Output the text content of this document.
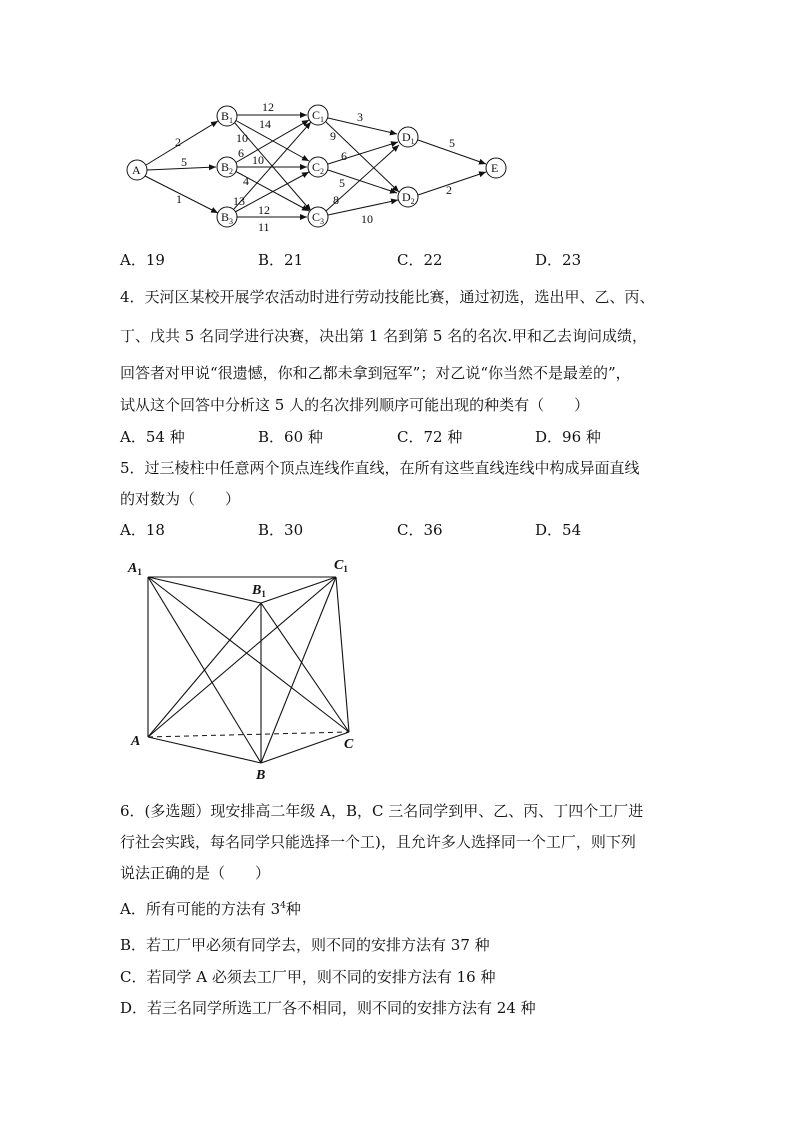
A
$B_1$
$B_2$
$B_3$
$C_1$
$C_2$
$C_3$
$D_1$
$D_2$
E
2
5
1
12
14
10
6 10
4
13
12
11
3
9
6
5
8
10
5
2
A．19	B．21	C．22	D．23
4．天河区某校开展学农活动时进行劳动技能比赛，通过初选，选出甲、乙、丙、
丁、戊共 5 名同学进行决赛，决出第 1 名到第 5 名的名次.甲和乙去询问成绩，
回答者对甲说“很遗憾，你和乙都未拿到冠军”；对乙说“你当然不是最差的”，
试从这个回答中分析这 5 人的名次排列顺序可能出现的种类有（　　）
A．54 种	B．60 种	C．72 种	D．96 种
5．过三棱柱中任意两个顶点连线作直线，在所有这些直线连线中构成异面直线
的对数为（　　）
A．18	B．30	C．36	D．54
$A_1$	$C_1$
$B_1$
A	C
B
6．(多选题）现安排高二年级 A，B，C 三名同学到甲、乙、丙、丁四个工厂进
行社会实践，每名同学只能选择一个工)，且允许多人选择同一个工厂，则下列
说法正确的是（　　）
A．所有可能的方法有 $3^4$种
B．若工厂甲必须有同学去，则不同的安排方法有 37 种
C．若同学 A 必须去工厂甲，则不同的安排方法有 16 种
D．若三名同学所选工厂各不相同，则不同的安排方法有 24 种
